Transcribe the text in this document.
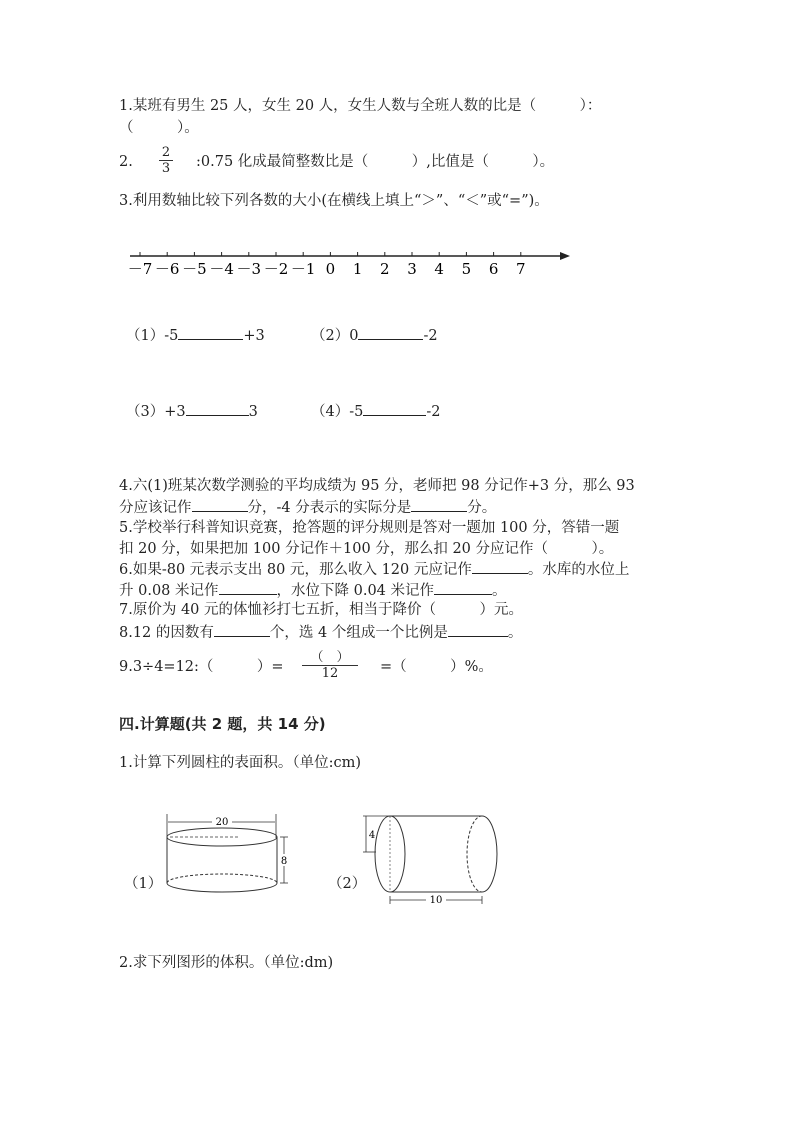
1.某班有男生 25 人，女生 20 人，女生人数与全班人数的比是（　　　）：
（　　　）。
2. $\frac{2}{3}$ :0.75 化成最简整数比是（　　　）,比值是（　　　）。
3.利用数轴比较下列各数的大小(在横线上填上“＞”、“＜”或“=”)。
－7 －6 －5 －4 －3 －2 －1 0 1 2 3 4 5 6 7
（1）-5	+3	（2）0	-2
（3）+3	3	（4）-5	-2
4.六(1)班某次数学测验的平均成绩为 95 分，老师把 98 分记作+3 分，那么 93
分应该记作	分，-4 分表示的实际分是	分。
5.学校举行科普知识竞赛，抢答题的评分规则是答对一题加 100 分，答错一题
扣 20 分，如果把加 100 分记作＋100 分，那么扣 20 分应记作（　　　）。
6.如果-80 元表示支出 80 元，那么收入 120 元应记作	。水库的水位上
升 0.08 米记作	，水位下降 0.04 米记作	。
7.原价为 40 元的体恤衫打七五折，相当于降价（　　　）元。
8.12 的因数有	个，选 4 个组成一个比例是	。
9.3÷4=12:（　　　）=
（　）
12	=（　　　）%。
四.计算题(共 2 题，共 14 分)
1.计算下列圆柱的表面积。（单位:cm)
（1）
20
8
（2）
4
10
2.求下列图形的体积。（单位:dm)
